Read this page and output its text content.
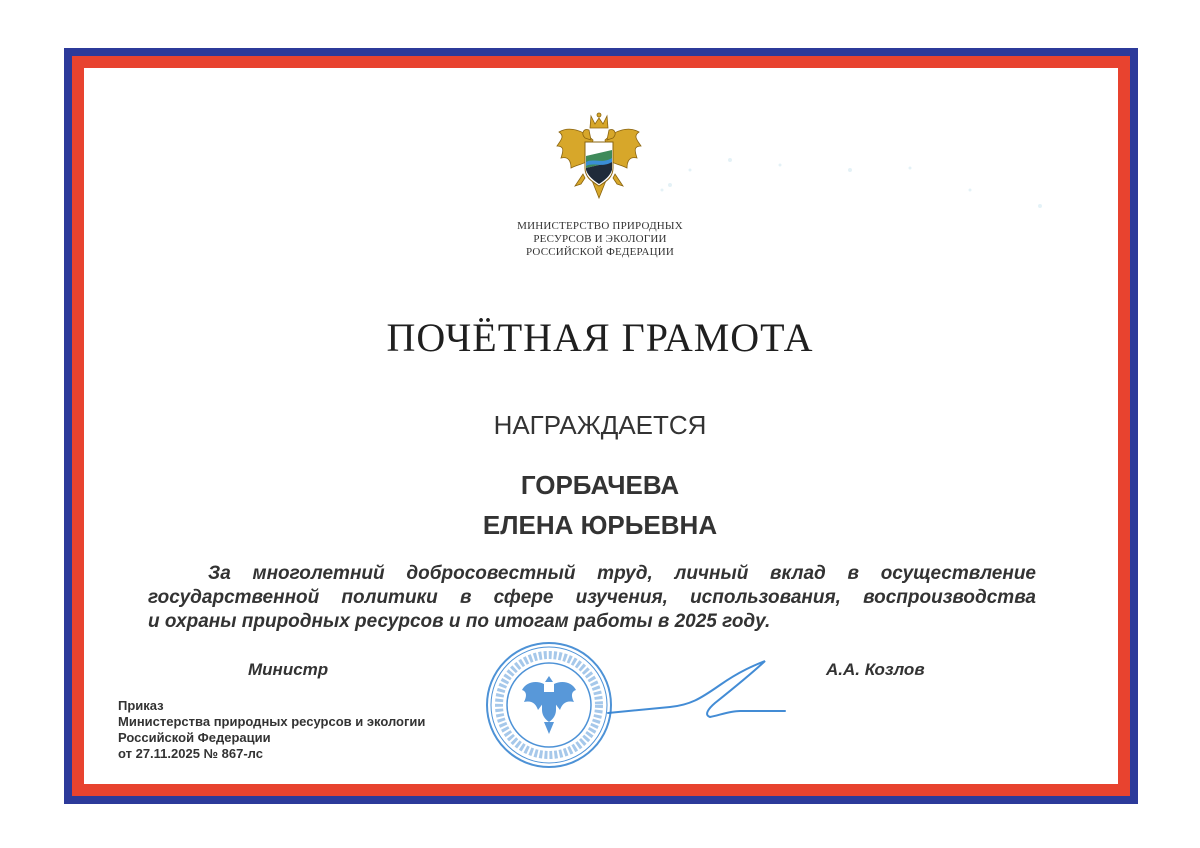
МИНИСТЕРСТВО ПРИРОДНЫХ
РЕСУРСОВ И ЭКОЛОГИИ
РОССИЙСКОЙ ФЕДЕРАЦИИ
ПОЧЁТНАЯ ГРАМОТА
НАГРАЖДАЕТСЯ
ГОРБАЧЕВА
ЕЛЕНА ЮРЬЕВНА
За многолетний добросовестный труд, личный вклад в осуществление
государственной политики в сфере изучения, использования, воспроизводства
и охраны природных ресурсов и по итогам работы в 2025 году.
Министр	А.А. Козлов
Приказ
Министерства природных ресурсов и экологии
Российской Федерации
от 27.11.2025 № 867-лс
